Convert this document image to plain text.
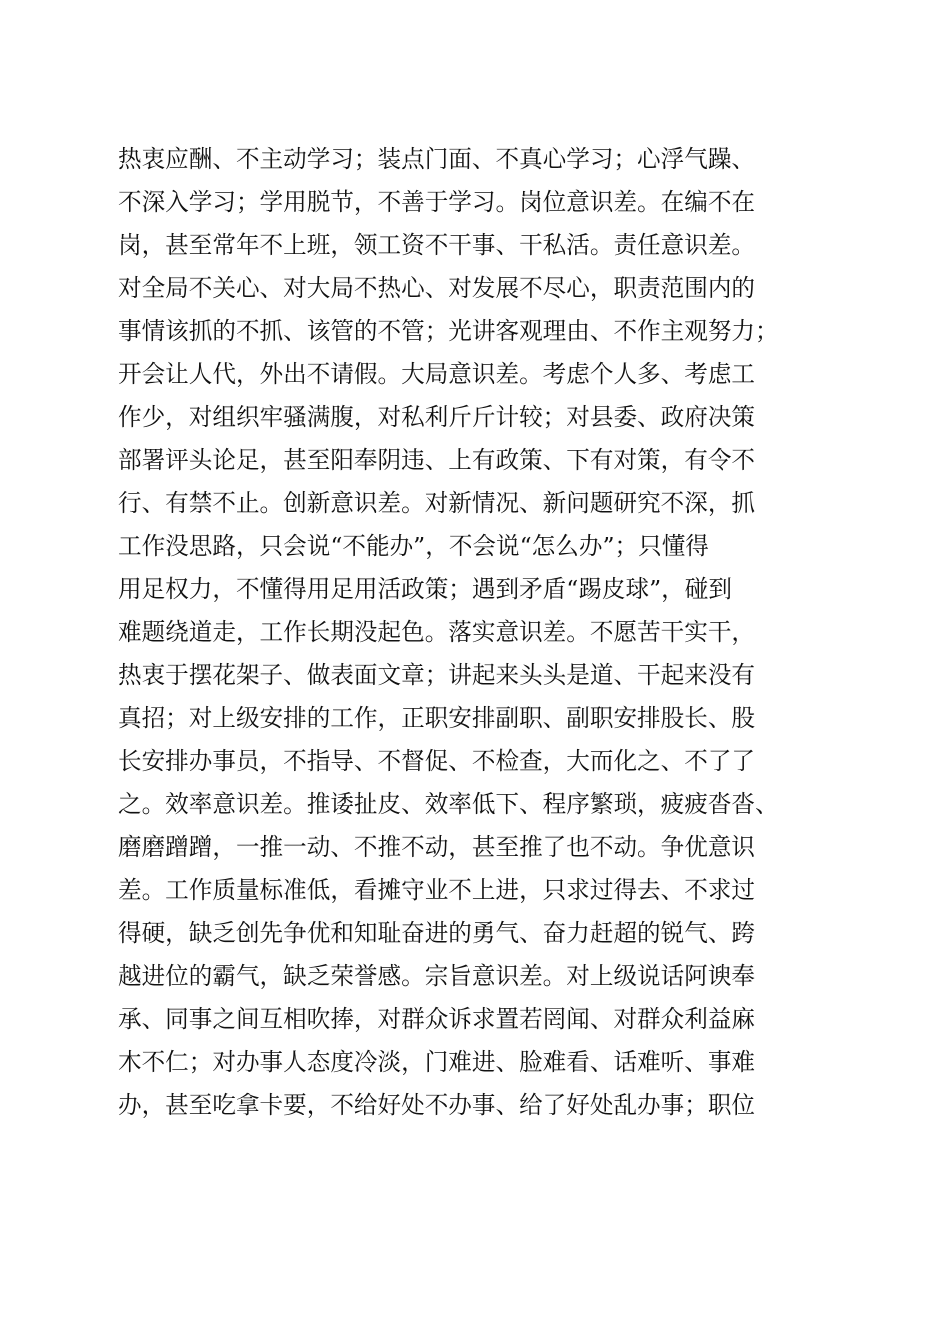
热衷应酬、不主动学习；装点门面、不真心学习；心浮气躁、
不深入学习；学用脱节，不善于学习。岗位意识差。在编不在
岗，甚至常年不上班，领工资不干事、干私活。责任意识差。
对全局不关心、对大局不热心、对发展不尽心，职责范围内的
事情该抓的不抓、该管的不管；光讲客观理由、不作主观努力；
开会让人代，外出不请假。大局意识差。考虑个人多、考虑工
作少，对组织牢骚满腹，对私利斤斤计较；对县委、政府决策
部署评头论足，甚至阳奉阴违、上有政策、下有对策，有令不
行、有禁不止。创新意识差。对新情况、新问题研究不深，抓
工作没思路，只会说“不能办”，不会说“怎么办”；只懂得
用足权力，不懂得用足用活政策；遇到矛盾“踢皮球”，碰到
难题绕道走，工作长期没起色。落实意识差。不愿苦干实干，
热衷于摆花架子、做表面文章；讲起来头头是道、干起来没有
真招；对上级安排的工作，正职安排副职、副职安排股长、股
长安排办事员，不指导、不督促、不检查，大而化之、不了了
之。效率意识差。推诿扯皮、效率低下、程序繁琐，疲疲沓沓、
磨磨蹭蹭，一推一动、不推不动，甚至推了也不动。争优意识
差。工作质量标准低，看摊守业不上进，只求过得去、不求过
得硬，缺乏创先争优和知耻奋进的勇气、奋力赶超的锐气、跨
越进位的霸气，缺乏荣誉感。宗旨意识差。对上级说话阿谀奉
承、同事之间互相吹捧，对群众诉求置若罔闻、对群众利益麻
木不仁；对办事人态度冷淡，门难进、脸难看、话难听、事难
办，甚至吃拿卡要，不给好处不办事、给了好处乱办事；职位
